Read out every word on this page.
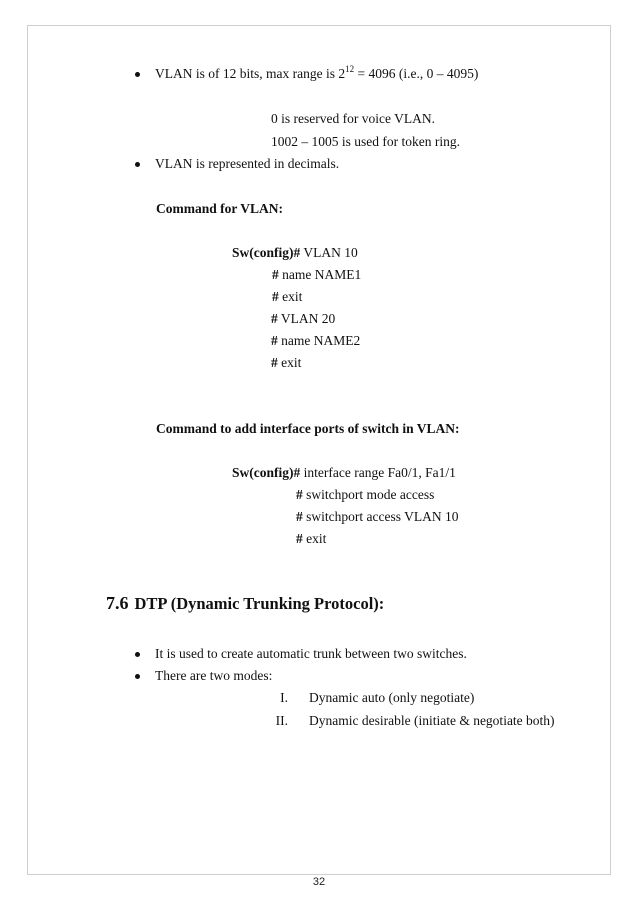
VLAN is of 12 bits, max range is $2^{12} = 4096$ (i.e., 0 – 4095)
0 is reserved for voice VLAN.
1002 – 1005 is used for token ring.
VLAN is represented in decimals.
Command for VLAN:
Sw(config)# VLAN 10
# name NAME1
# exit
# VLAN 20
# name NAME2
# exit
Command to add interface ports of switch in VLAN:
Sw(config)# interface range Fa0/1, Fa1/1
# switchport mode access
# switchport access VLAN 10
# exit
7.6 DTP (Dynamic Trunking Protocol):
It is used to create automatic trunk between two switches.
There are two modes:
I. Dynamic auto (only negotiate)
II. Dynamic desirable (initiate & negotiate both)
32
